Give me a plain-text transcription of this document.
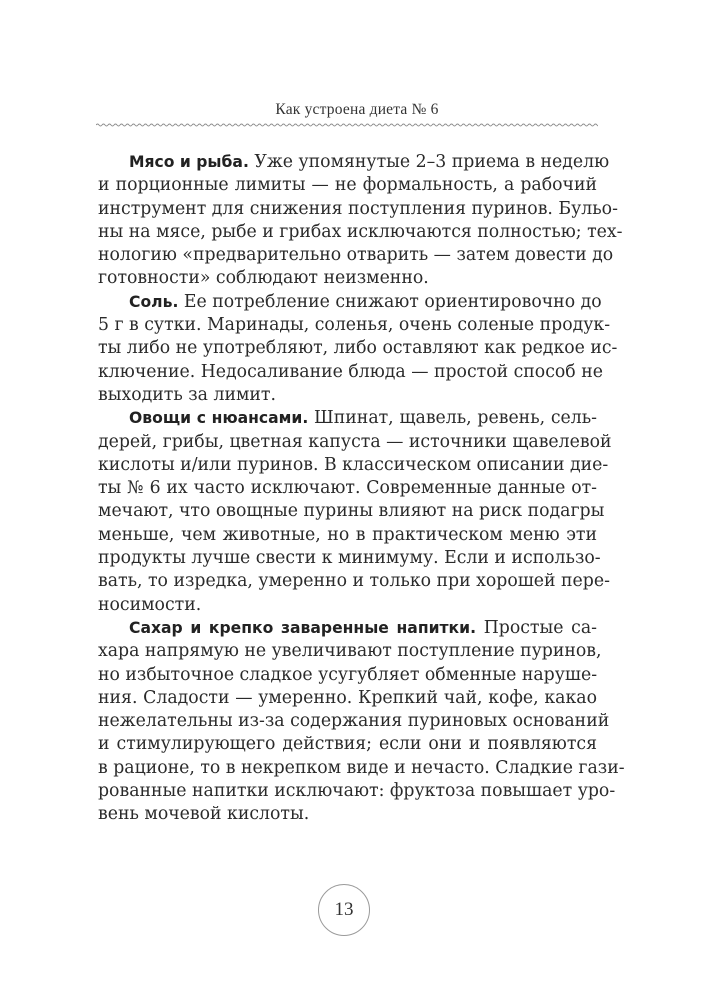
Как устроена диета № 6

Мясо и рыба. Уже упомянутые 2–3 приема в неделю
и порционные лимиты — не формальность, а рабочий
инструмент для снижения поступления пуринов. Бульо-
ны на мясе, рыбе и грибах исключаются полностью; тех-
нологию «предварительно отварить — затем довести до
готовности» соблюдают неизменно.

Соль. Ее потребление снижают ориентировочно до
5 г в сутки. Маринады, соленья, очень соленые продук-
ты либо не употребляют, либо оставляют как редкое ис-
ключение. Недосаливание блюда — простой способ не
выходить за лимит.

Овощи с нюансами. Шпинат, щавель, ревень, сель-
дерей, грибы, цветная капуста — источники щавелевой
кислоты и/или пуринов. В классическом описании дие-
ты № 6 их часто исключают. Современные данные от-
мечают, что овощные пурины влияют на риск подагры
меньше, чем животные, но в практическом меню эти
продукты лучше свести к минимуму. Если и использо-
вать, то изредка, умеренно и только при хорошей пере-
носимости.

Сахар и крепко заваренные напитки. Простые са-
хара напрямую не увеличивают поступление пуринов,
но избыточное сладкое усугубляет обменные наруше-
ния. Сладости — умеренно. Крепкий чай, кофе, какао
нежелательны из-за содержания пуриновых оснований
и стимулирующего действия; если они и появляются
в рационе, то в некрепком виде и нечасто. Сладкие гази-
рованные напитки исключают: фруктоза повышает уро-
вень мочевой кислоты.

13
